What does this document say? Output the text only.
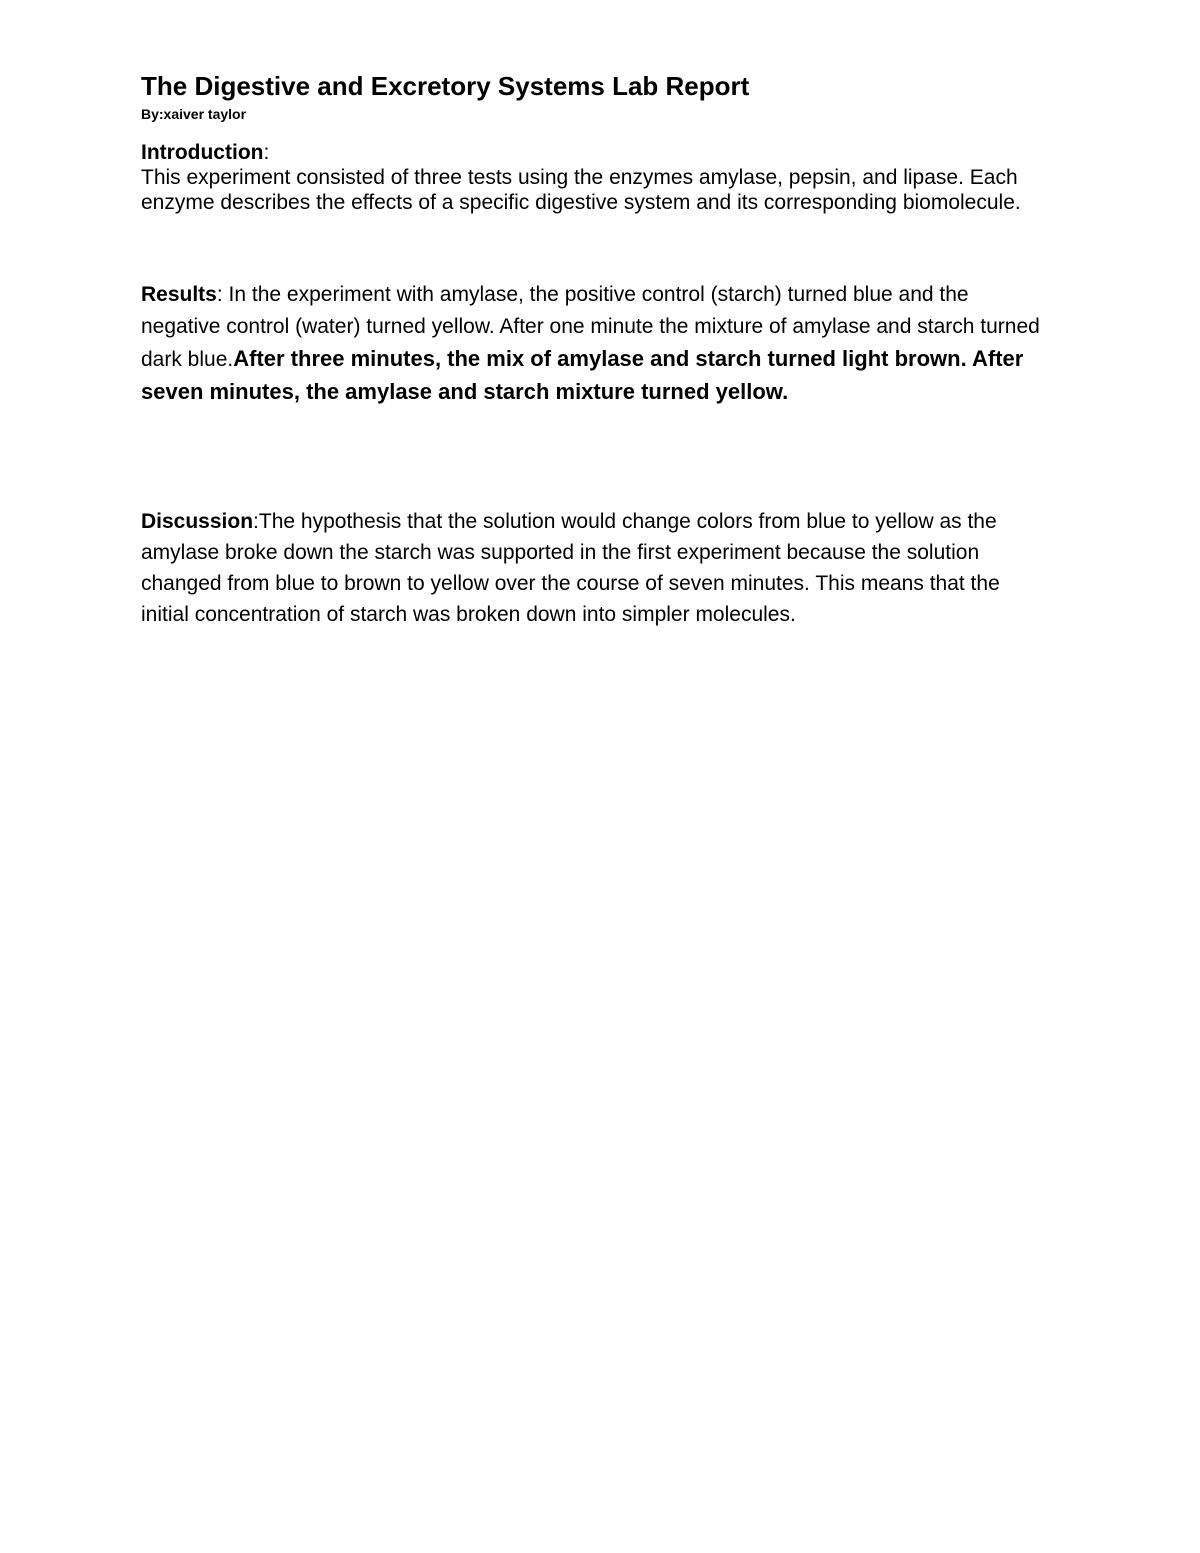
The Digestive and Excretory Systems Lab Report

By:xaiver taylor

Introduction:

This experiment consisted of three tests using the enzymes amylase, pepsin, and lipase. Each enzyme describes the effects of a specific digestive system and its corresponding biomolecule.

Results: In the experiment with amylase, the positive control (starch) turned blue and the negative control (water) turned yellow. After one minute the mixture of amylase and starch turned dark blue.After three minutes, the mix of amylase and starch turned light brown. After seven minutes, the amylase and starch mixture turned yellow.

Discussion:The hypothesis that the solution would change colors from blue to yellow as the amylase broke down the starch was supported in the first experiment because the solution changed from blue to brown to yellow over the course of seven minutes. This means that the initial concentration of starch was broken down into simpler molecules.
